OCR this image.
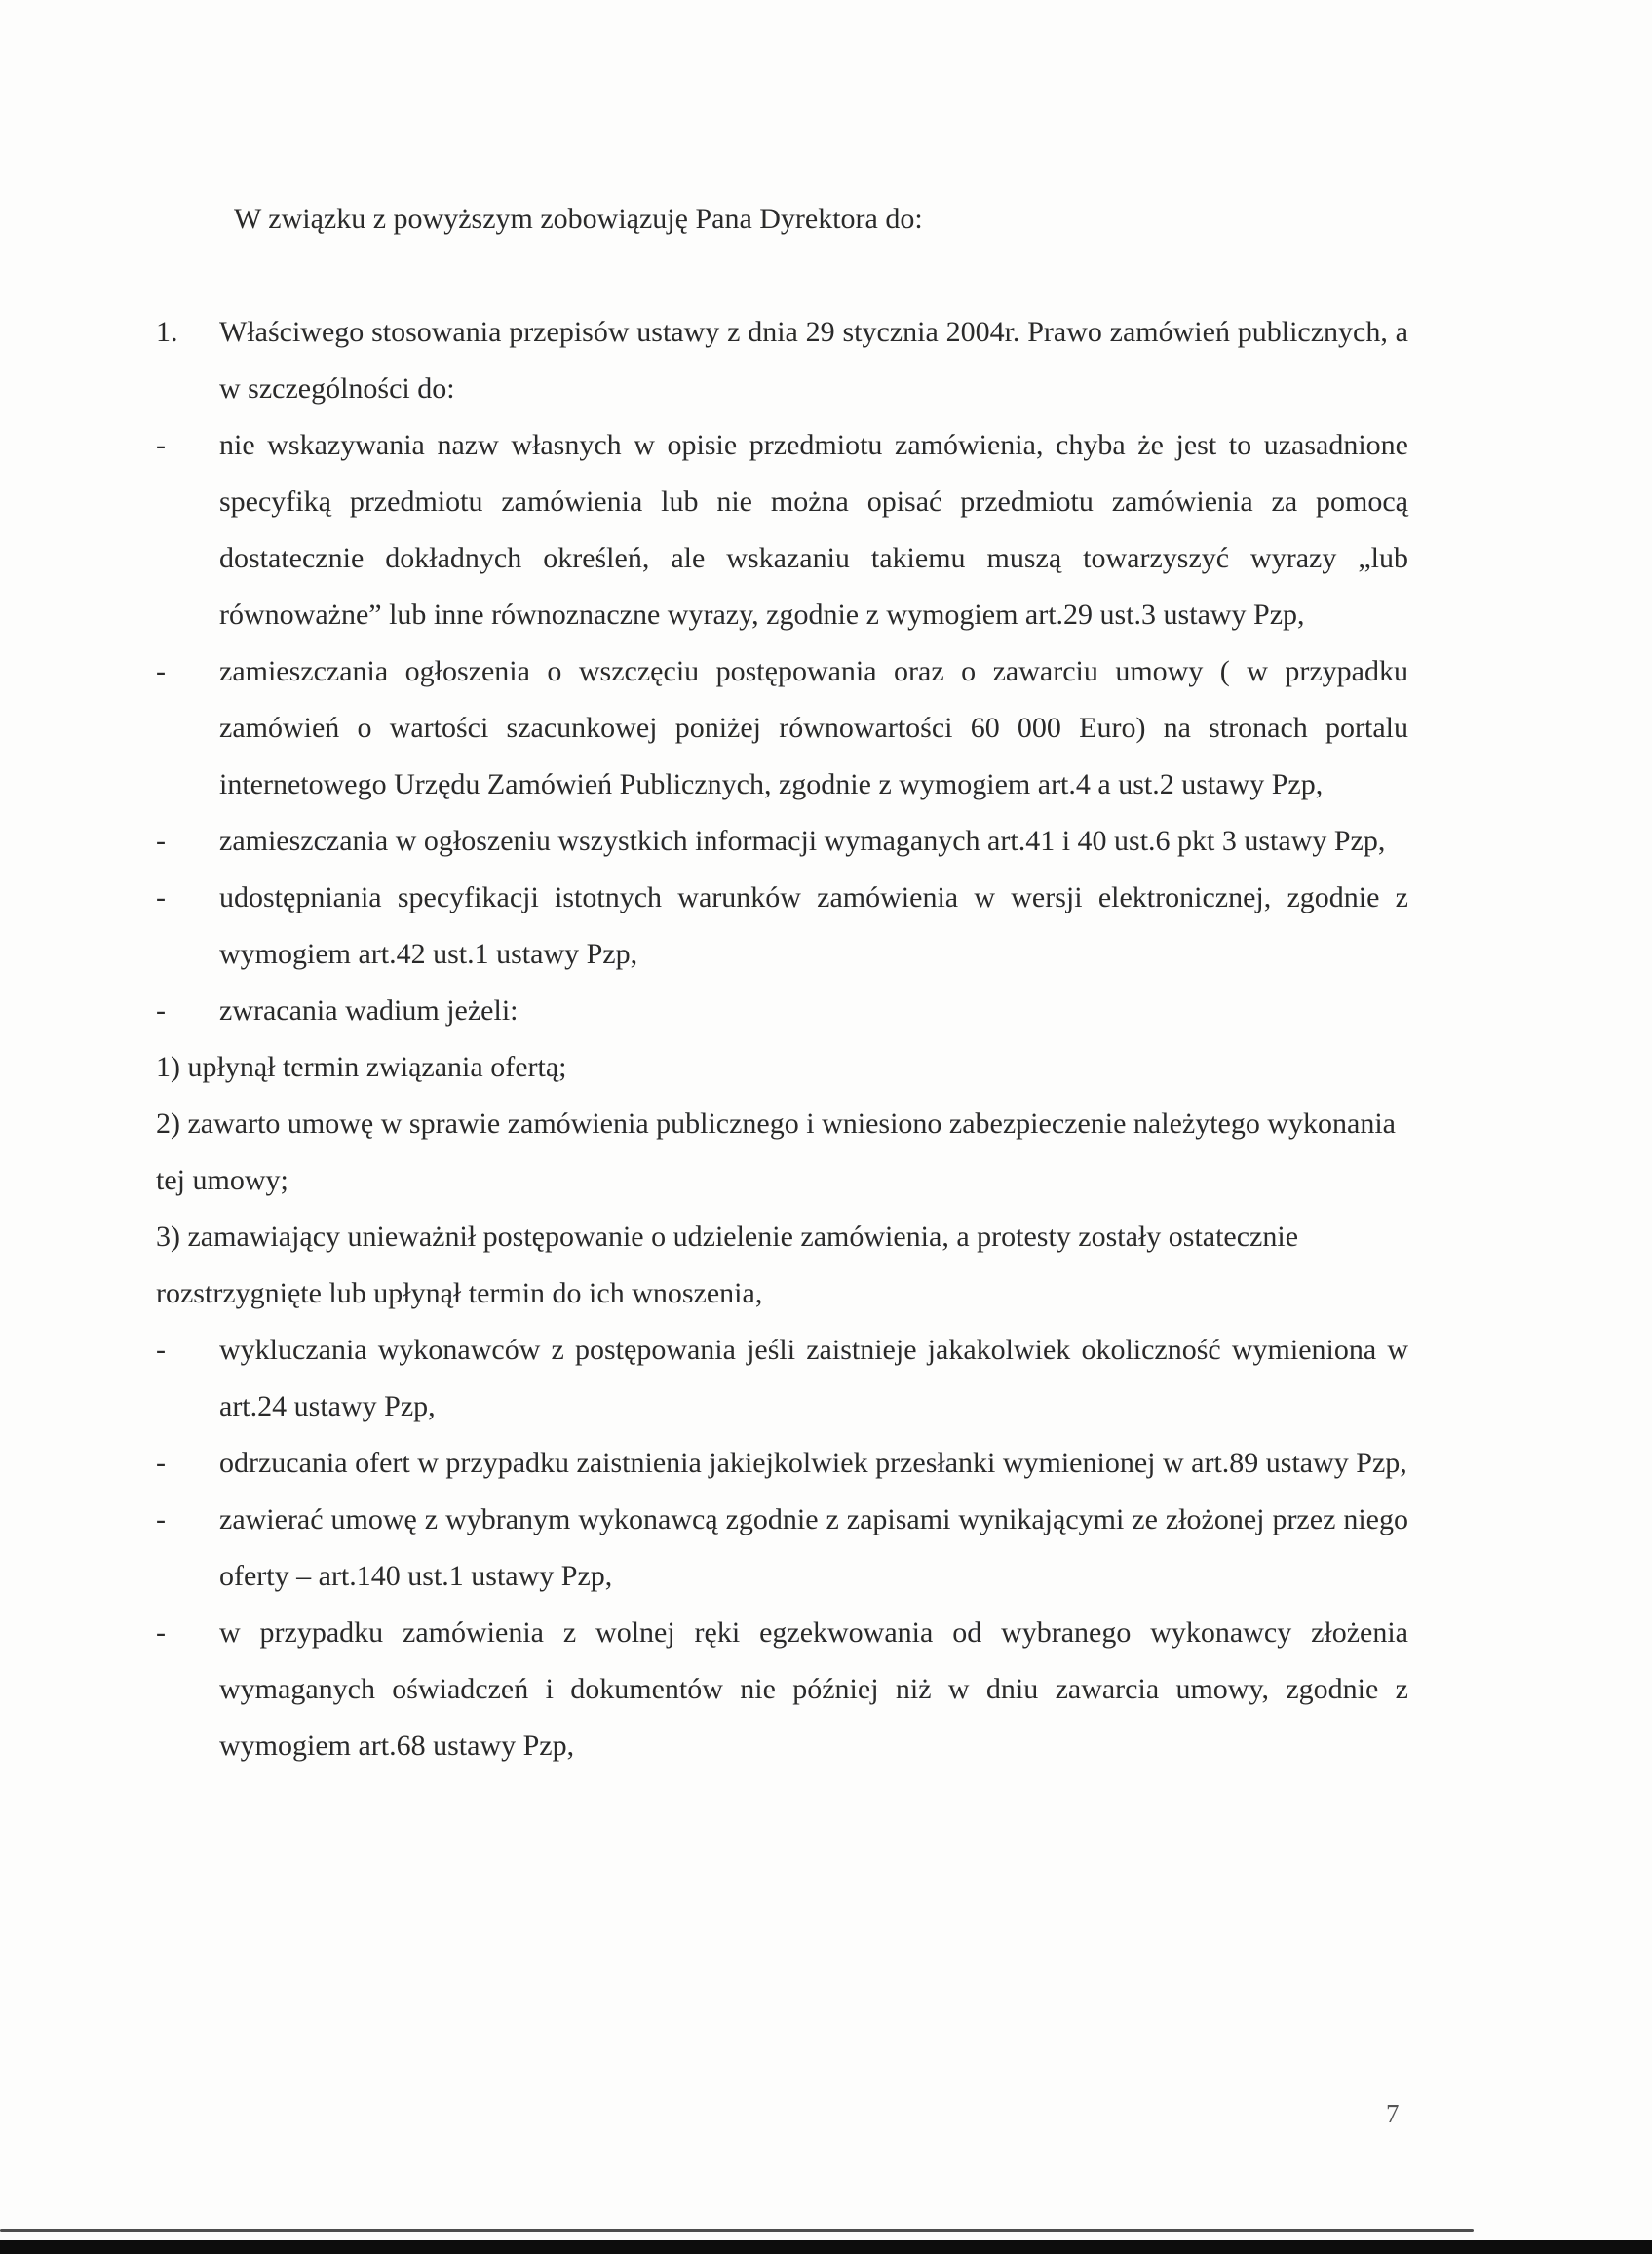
W związku z powyższym zobowiązuję Pana Dyrektora do:

1.	Właściwego stosowania przepisów ustawy z dnia 29 stycznia 2004r. Prawo zamówień publicznych, a w szczególności do:
-	nie wskazywania nazw własnych w opisie przedmiotu zamówienia, chyba że jest to uzasadnione specyfiką przedmiotu zamówienia lub nie można opisać przedmiotu zamówienia za pomocą dostatecznie dokładnych określeń, ale wskazaniu takiemu muszą towarzyszyć wyrazy „lub równoważne” lub inne równoznaczne wyrazy, zgodnie z wymogiem art.29 ust.3 ustawy Pzp,
-	zamieszczania ogłoszenia o wszczęciu postępowania oraz o zawarciu umowy ( w przypadku zamówień o wartości szacunkowej poniżej równowartości 60 000 Euro) na stronach portalu internetowego Urzędu Zamówień Publicznych, zgodnie z wymogiem art.4 a ust.2 ustawy Pzp,
-	zamieszczania w ogłoszeniu wszystkich informacji wymaganych art.41 i 40 ust.6 pkt 3 ustawy Pzp,
-	udostępniania specyfikacji istotnych warunków zamówienia w wersji elektronicznej, zgodnie z wymogiem art.42 ust.1 ustawy Pzp,
-	zwracania wadium jeżeli:

1) upłynął termin związania ofertą;

2) zawarto umowę w sprawie zamówienia publicznego i wniesiono zabezpieczenie należytego wykonania tej umowy;

3) zamawiający unieważnił postępowanie o udzielenie zamówienia, a protesty zostały ostatecznie rozstrzygnięte lub upłynął termin do ich wnoszenia,

-	wykluczania wykonawców z postępowania jeśli zaistnieje jakakolwiek okoliczność wymieniona w art.24 ustawy Pzp,
-	odrzucania ofert w przypadku zaistnienia jakiejkolwiek przesłanki wymienionej w art.89 ustawy Pzp,
-	zawierać umowę z wybranym wykonawcą zgodnie z zapisami wynikającymi ze złożonej przez niego oferty – art.140 ust.1 ustawy Pzp,
-	w przypadku zamówienia z wolnej ręki egzekwowania od wybranego wykonawcy złożenia wymaganych oświadczeń i dokumentów nie później niż w dniu zawarcia umowy, zgodnie z wymogiem art.68 ustawy Pzp,
7
